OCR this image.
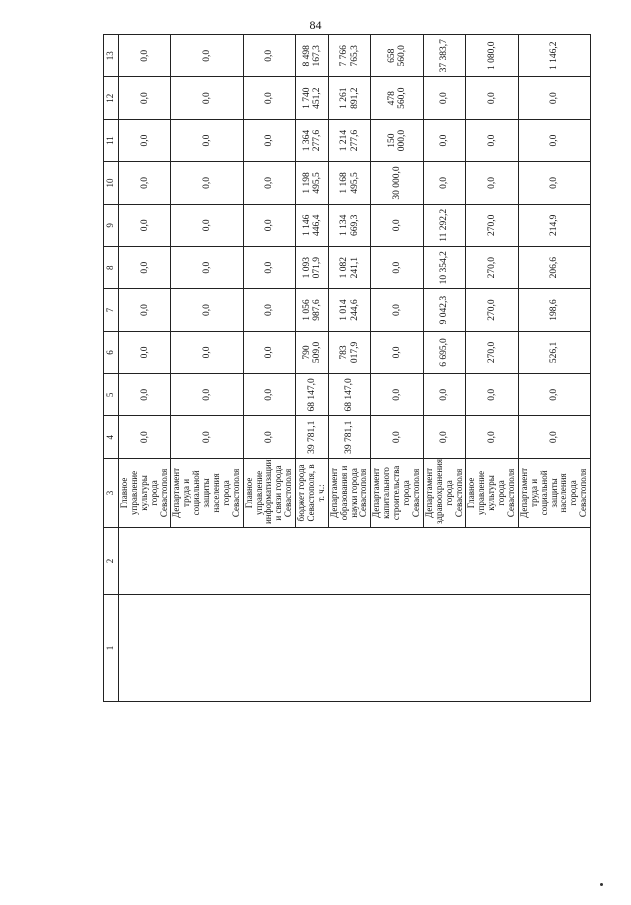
84
1	2	3	4	5	6	7	8	9	10	11	12	13
		Главное управление культуры города Севастополя	0,0	0,0	0,0	0,0	0,0	0,0	0,0	0,0	0,0	0,0
		Департамент труда и социальной защиты населения города Севастополя	0,0	0,0	0,0	0,0	0,0	0,0	0,0	0,0	0,0	0,0
		Главное управление информатизации и связи города Севастополя	0,0	0,0	0,0	0,0	0,0	0,0	0,0	0,0	0,0	0,0
		бюджет города Севастополя, в т. ч.:	39 781,1	68 147,0	790 509,0	1 056 987,6	1 093 071,9	1 146 446,4	1 198 495,5	1 364 277,6	1 740 451,2	8 498 167,3
		Департамент образования и науки города Севастополя	39 781,1	68 147,0	783 017,9	1 014 244,6	1 082 241,1	1 134 669,3	1 168 495,5	1 214 277,6	1 261 891,2	7 766 765,3
		Департамент капитального строительства города Севастополя	0,0	0,0	0,0	0,0	0,0	0,0	30 000,0	150 000,0	478 560,0	658 560,0
		Департамент здравоохранения города Севастополя	0,0	0,0	6 695,0	9 042,3	10 354,2	11 292,2	0,0	0,0	0,0	37 383,7
		Главное управление культуры города Севастополя	0,0	0,0	270,0	270,0	270,0	270,0	0,0	0,0	0,0	1 080,0
		Департамент труда и социальной защиты населения города Севастополя	0,0	0,0	526,1	198,6	206,6	214,9	0,0	0,0	0,0	1 146,2
